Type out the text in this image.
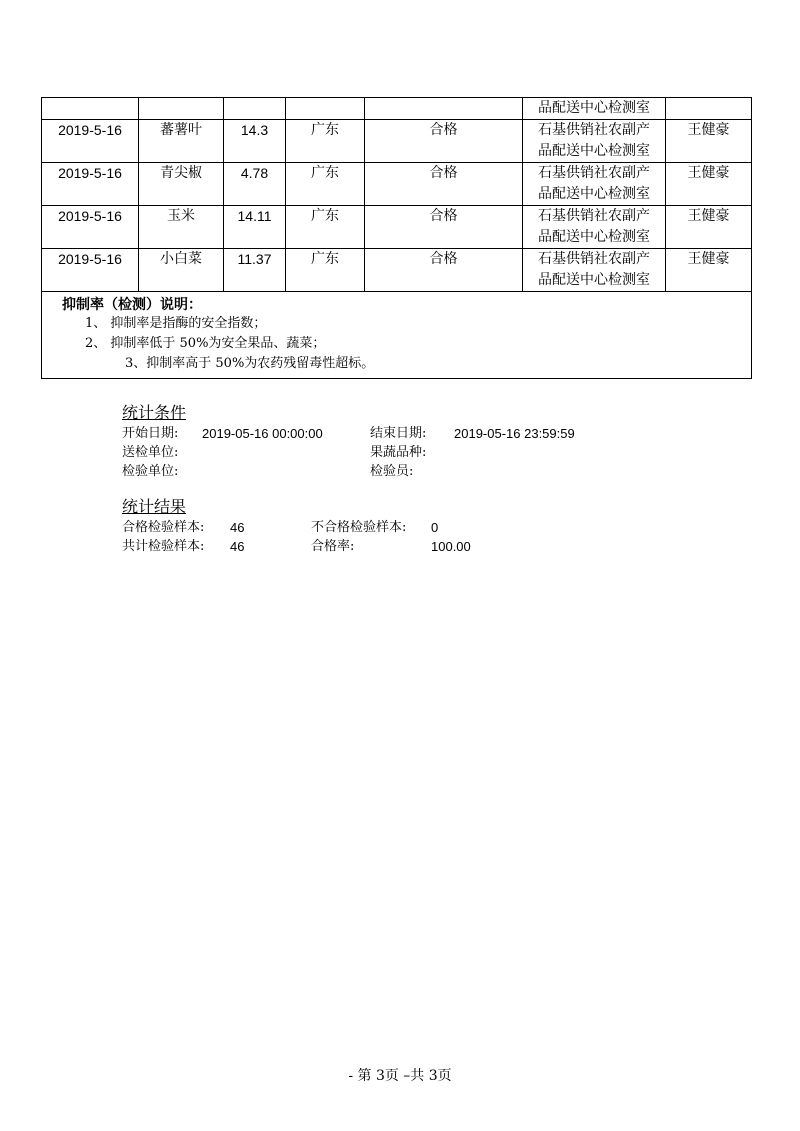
					品配送中心检测室	
2019-5-16	蕃薯叶	14.3	广东	合格	石基供销社农副产
品配送中心检测室	王健豪
2019-5-16	青尖椒	4.78	广东	合格	石基供销社农副产
品配送中心检测室	王健豪
2019-5-16	玉米	14.11	广东	合格	石基供销社农副产
品配送中心检测室	王健豪
2019-5-16	小白菜	11.37	广东	合格	石基供销社农副产
品配送中心检测室	王健豪

抑制率（检测）说明：
1、 抑制率是指酶的安全指数；
2、 抑制率低于 50%为安全果品、蔬菜；
3、抑制率高于 50%为农药残留毒性超标。						
统计条件
开始日期: 2019-05-16 00:00:00	结束日期: 2019-05-16 23:59:59
送检单位:	果蔬品种:
检验单位:	检验员:
统计结果
合格检验样本: 46	不合格检验样本: 0
共计检验样本: 46	合格率:	100.00
- 第 3页 –共 3页
